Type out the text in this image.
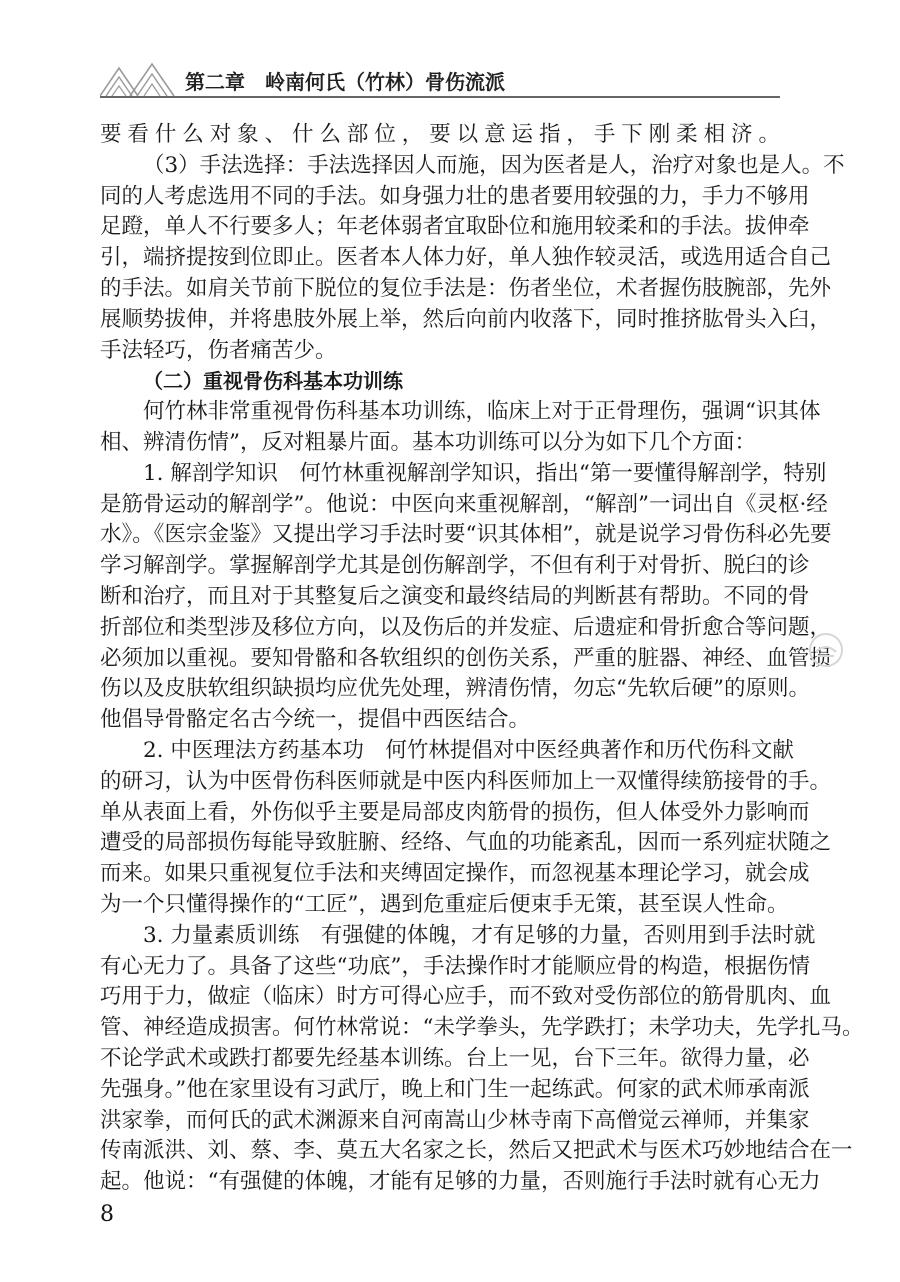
第二章　岭南何氏（竹林）骨伤流派
要看什么对象、什么部位，要以意运指，手下刚柔相济。
（3）手法选择：手法选择因人而施，因为医者是人，治疗对象也是人。不
同的人考虑选用不同的手法。如身强力壮的患者要用较强的力，手力不够用
足蹬，单人不行要多人；年老体弱者宜取卧位和施用较柔和的手法。拔伸牵
引，端挤提按到位即止。医者本人体力好，单人独作较灵活，或选用适合自己
的手法。如肩关节前下脱位的复位手法是：伤者坐位，术者握伤肢腕部，先外
展顺势拔伸，并将患肢外展上举，然后向前内收落下，同时推挤肱骨头入臼，
手法轻巧，伤者痛苦少。
（二）重视骨伤科基本功训练
何竹林非常重视骨伤科基本功训练，临床上对于正骨理伤，强调“识其体
相、辨清伤情”，反对粗暴片面。基本功训练可以分为如下几个方面：
1. 解剖学知识　何竹林重视解剖学知识，指出“第一要懂得解剖学，特别
是筋骨运动的解剖学”。他说：中医向来重视解剖，“解剖”一词出自《灵枢·经
水》。《医宗金鉴》又提出学习手法时要“识其体相”，就是说学习骨伤科必先要
学习解剖学。掌握解剖学尤其是创伤解剖学，不但有利于对骨折、脱臼的诊
断和治疗，而且对于其整复后之演变和最终结局的判断甚有帮助。不同的骨
折部位和类型涉及移位方向，以及伤后的并发症、后遗症和骨折愈合等问题，
必须加以重视。要知骨骼和各软组织的创伤关系，严重的脏器、神经、血管损
伤以及皮肤软组织缺损均应优先处理，辨清伤情，勿忘“先软后硬”的原则。
他倡导骨骼定名古今统一，提倡中西医结合。
2. 中医理法方药基本功　何竹林提倡对中医经典著作和历代伤科文献
的研习，认为中医骨伤科医师就是中医内科医师加上一双懂得续筋接骨的手。
单从表面上看，外伤似乎主要是局部皮肉筋骨的损伤，但人体受外力影响而
遭受的局部损伤每能导致脏腑、经络、气血的功能紊乱，因而一系列症状随之
而来。如果只重视复位手法和夹缚固定操作，而忽视基本理论学习，就会成
为一个只懂得操作的“工匠”，遇到危重症后便束手无策，甚至误人性命。
3. 力量素质训练　有强健的体魄，才有足够的力量，否则用到手法时就
有心无力了。具备了这些“功底”，手法操作时才能顺应骨的构造，根据伤情
巧用于力，做症（临床）时方可得心应手，而不致对受伤部位的筋骨肌肉、血
管、神经造成损害。何竹林常说：“未学拳头，先学跌打；未学功夫，先学扎马。
不论学武术或跌打都要先经基本训练。台上一见，台下三年。欲得力量，必
先强身。”他在家里设有习武厅，晚上和门生一起练武。何家的武术师承南派
洪家拳，而何氏的武术渊源来自河南嵩山少林寺南下高僧觉云禅师，并集家
传南派洪、刘、蔡、李、莫五大名家之长，然后又把武术与医术巧妙地结合在一
起。他说：“有强健的体魄，才能有足够的力量，否则施行手法时就有心无力
8
